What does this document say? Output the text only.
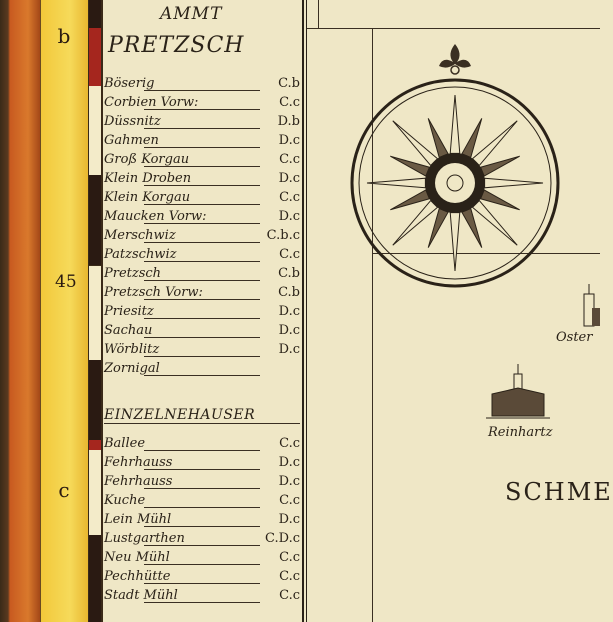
b
c
45
AMMT
PRETZSCH
Böserig	C.b
Corbien Vorw:	C.c
Düssnitz	D.b
Gahmen	D.c
Groß Korgau	C.c
Klein Droben	D.c
Klein Korgau	C.c
Maucken Vorw:	D.c
Merschwiz	C.b.c
Patzschwiz	C.c
Pretzsch	C.b
Pretzsch Vorw:	C.b
Priesitz	D.c
Sachau	D.c
Wörblitz	D.c
Zornigal
EINZELNEHAUSER
Ballee	C.c
Fehrhauss	D.c
Fehrhauss	D.c
Kuche	C.c
Lein Mühl	D.c
Lustgarthen	C.D.c
Neu Mühl	C.c
Pechhütte	C.c
Stadt Mühl	C.c
Reinhartz
Oster
SCHME
